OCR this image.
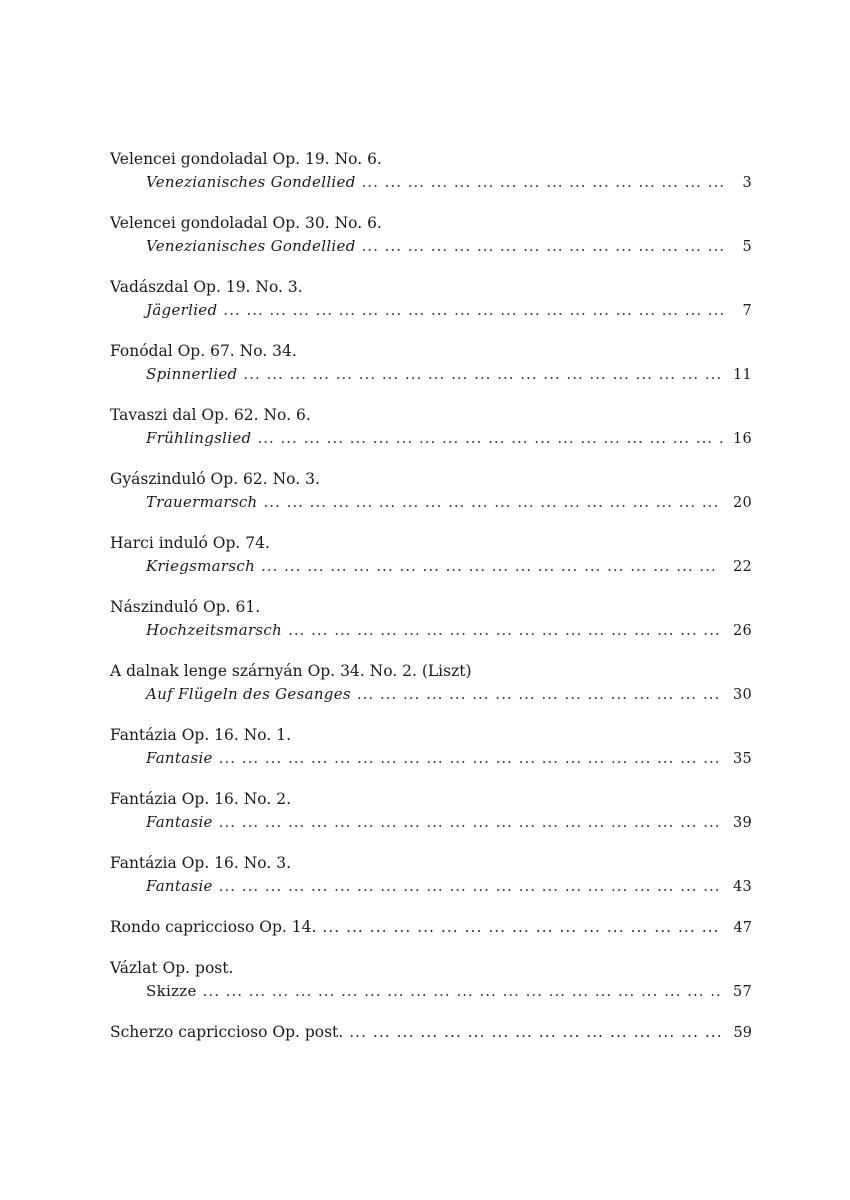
Velencei gondoladal Op. 19. No. 6.
Venezianisches Gondellied ... .	3
Velencei gondoladal Op. 30. No. 6.
Venezianisches Gondellied ... .	5
Vadászdal Op. 19. No. 3.
Jägerlied ... .	7
Fonódal Op. 67. No. 34.
Spinnerlied ... .	11
Tavaszi dal Op. 62. No. 6.
Frühlingslied ... .	16
Gyászinduló Op. 62. No. 3.
Trauermarsch ... .	20
Harci induló Op. 74.
Kriegsmarsch ... .	22
Nászinduló Op. 61.
Hochzeitsmarsch ... .	26
A dalnak lenge szárnyán Op. 34. No. 2. (Liszt)
Auf Flügeln des Gesanges ... .	30
Fantázia Op. 16. No. 1.
Fantasie ... .	35
Fantázia Op. 16. No. 2.
Fantasie ... .	39
Fantázia Op. 16. No. 3.
Fantasie ... .	43
Rondo capriccioso Op. 14. ... .	47
Vázlat Op. post.
Skizze ... .	57
Scherzo capriccioso Op. post. ... .	59
